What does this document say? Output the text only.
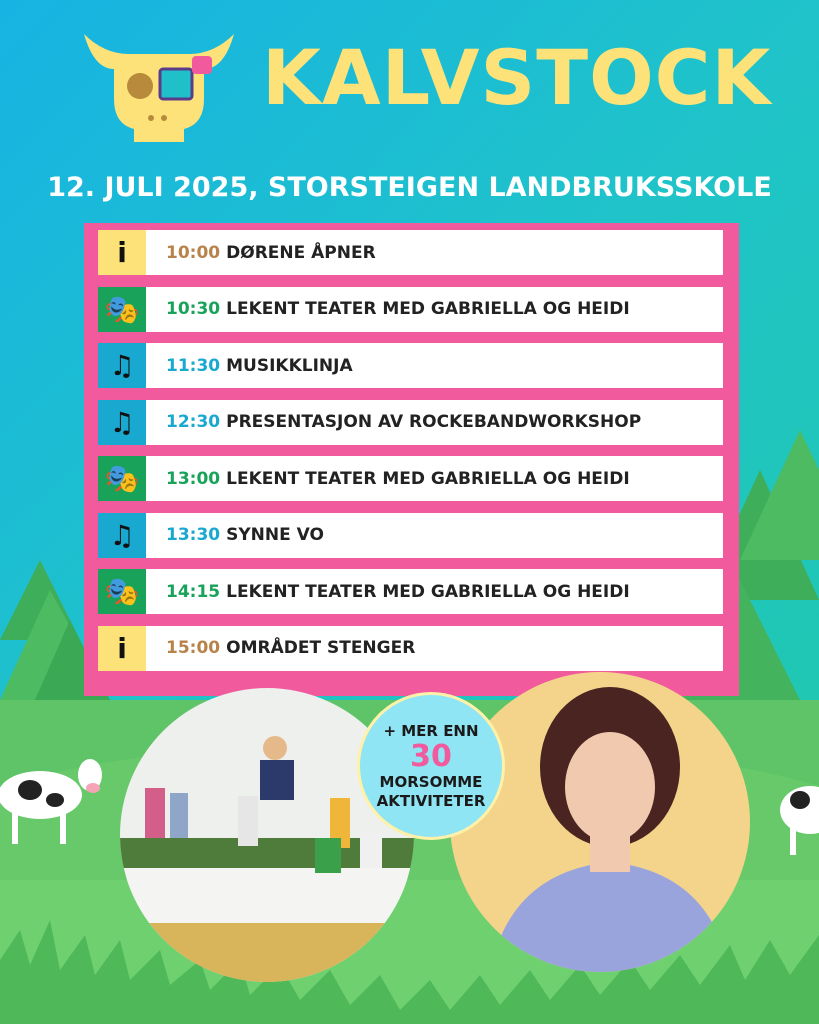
KALVSTOCK
12. JULI 2025, STORSTEIGEN LANDBRUKSSKOLE
i	10:00 DØRENE ÅPNER
🎭	10:30 LEKENT TEATER MED GABRIELLA OG HEIDI
♫	11:30 MUSIKKLINJA
♫	12:30 PRESENTASJON AV ROCKEBANDWORKSHOP
🎭	13:00 LEKENT TEATER MED GABRIELLA OG HEIDI
♫	13:30 SYNNE VO
🎭	14:15 LEKENT TEATER MED GABRIELLA OG HEIDI
i	15:00 OMRÅDET STENGER
+ MER ENN
30
MORSOMME
AKTIVITETER
